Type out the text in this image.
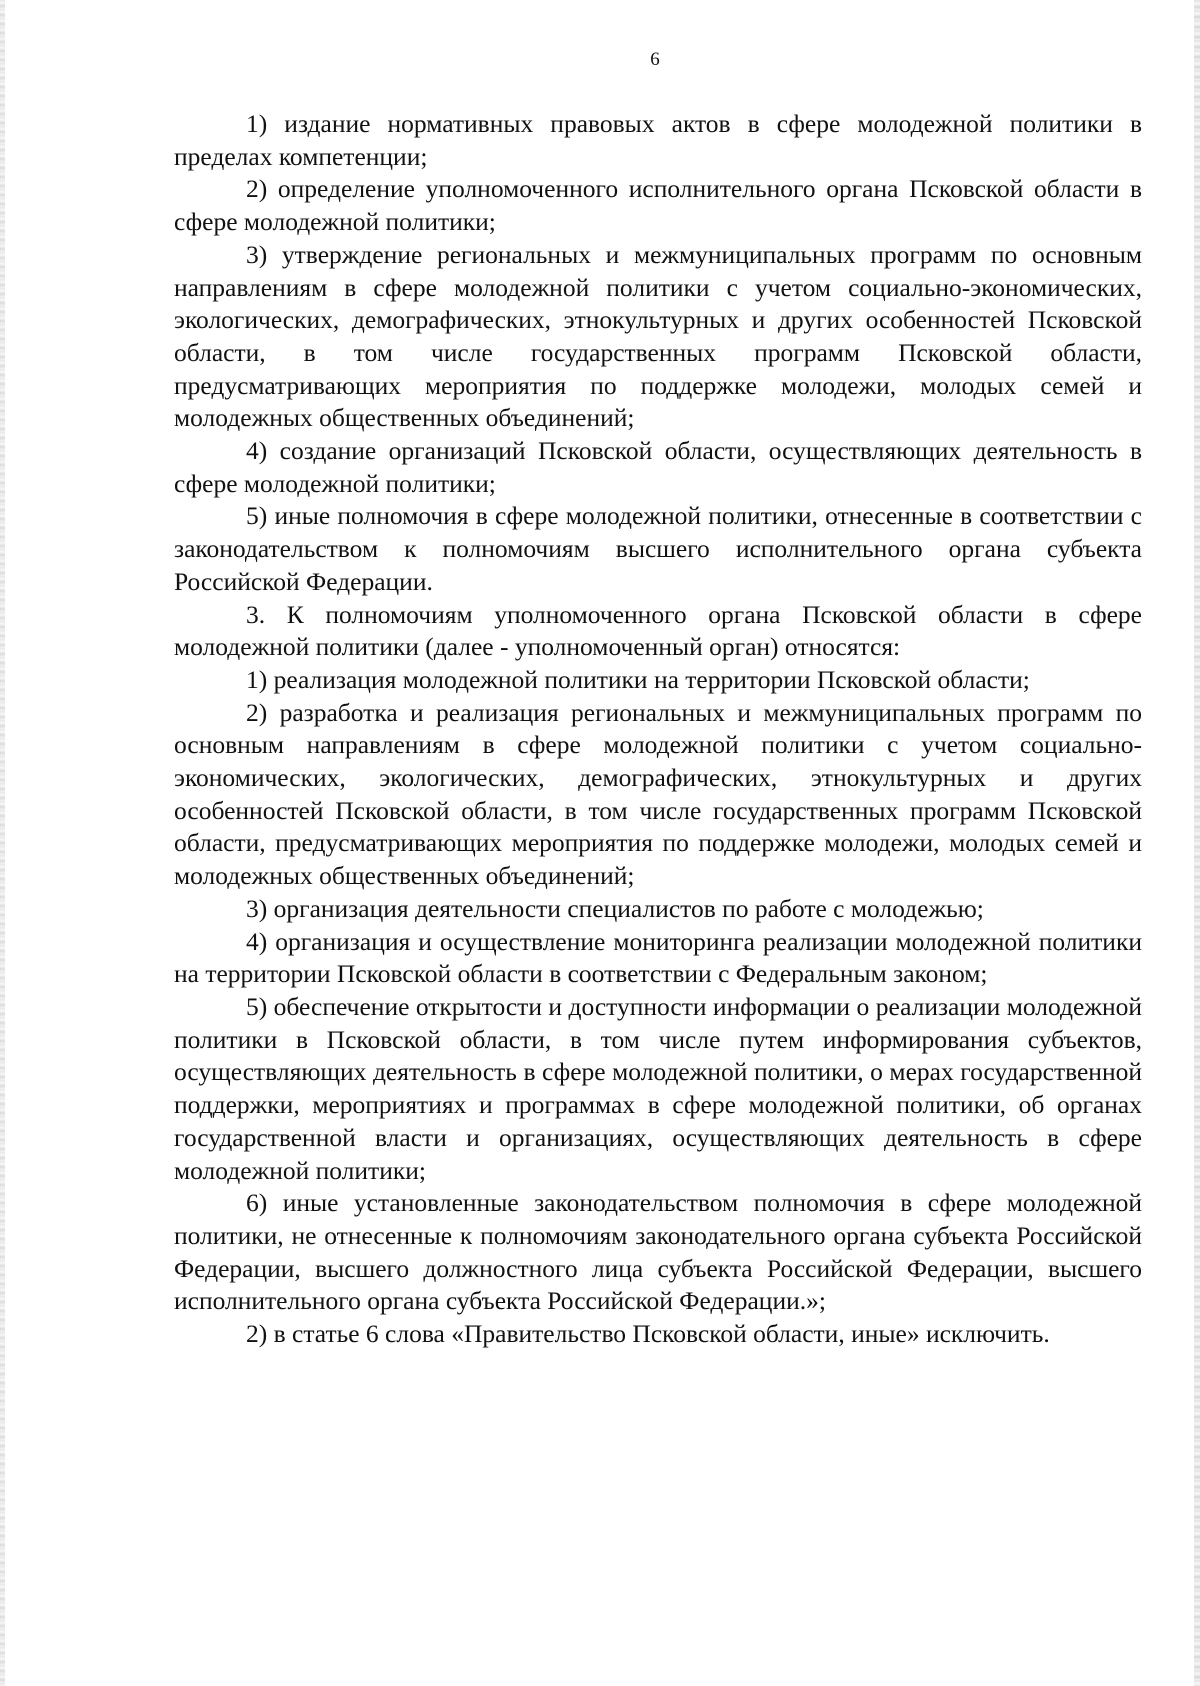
6

1) издание нормативных правовых актов в сфере молодежной политики в пределах компетенции;

2) определение уполномоченного исполнительного органа Псковской области в сфере молодежной политики;

3) утверждение региональных и межмуниципальных программ по основным направлениям в сфере молодежной политики с учетом социально-экономических, экологических, демографических, этнокультурных и других особенностей Псковской области, в том числе государственных программ Псковской области, предусматривающих мероприятия по поддержке молодежи, молодых семей и молодежных общественных объединений;

4) создание организаций Псковской области, осуществляющих деятельность в сфере молодежной политики;

5) иные полномочия в сфере молодежной политики, отнесенные в соответствии с законодательством к полномочиям высшего исполнительного органа субъекта Российской Федерации.

3. К полномочиям уполномоченного органа Псковской области в сфере молодежной политики (далее - уполномоченный орган) относятся:

1) реализация молодежной политики на территории Псковской области;

2) разработка и реализация региональных и межмуниципальных программ по основным направлениям в сфере молодежной политики с учетом социально-экономических, экологических, демографических, этнокультурных и других особенностей Псковской области, в том числе государственных программ Псковской области, предусматривающих мероприятия по поддержке молодежи, молодых семей и молодежных общественных объединений;

3) организация деятельности специалистов по работе с молодежью;

4) организация и осуществление мониторинга реализации молодежной политики на территории Псковской области в соответствии с Федеральным законом;

5) обеспечение открытости и доступности информации о реализации молодежной политики в Псковской области, в том числе путем информирования субъектов, осуществляющих деятельность в сфере молодежной политики, о мерах государственной поддержки, мероприятиях и программах в сфере молодежной политики, об органах государственной власти и организациях, осуществляющих деятельность в сфере молодежной политики;

6) иные установленные законодательством полномочия в сфере молодежной политики, не отнесенные к полномочиям законодательного органа субъекта Российской Федерации, высшего должностного лица субъекта Российской Федерации, высшего исполнительного органа субъекта Российской Федерации.»;

2) в статье 6 слова «Правительство Псковской области, иные» исключить.
